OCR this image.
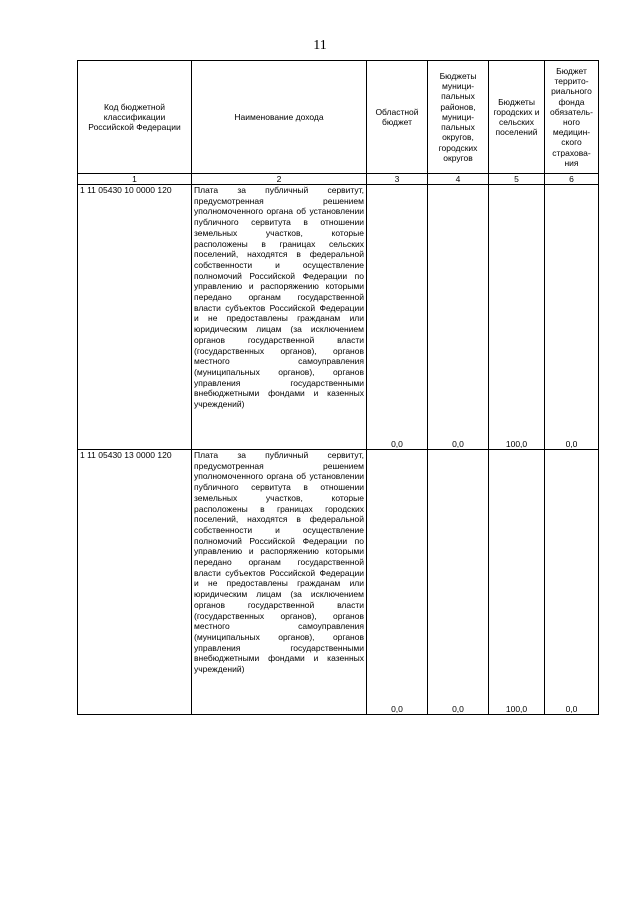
11
Код бюджетной классификации Российской Федерации	Наименование дохода	Областной бюджет	Бюджеты муници-пальных районов, муници-пальных округов, городских округов	Бюджеты городских и сельских поселений	Бюджет террито-риального фонда обязатель-ного медицин-ского страхова-ния
1	2	3	4	5	6
1 11 05430 10 0000 120	Плата за публичный сервитут, предусмотренная решением уполномоченного органа об установлении публичного сервитута в отношении земельных участков, которые расположены в границах сельских поселений, находятся в федеральной собственности и осуществление полномочий Российской Федерации по управлению и распоряжению которыми передано органам государственной власти субъектов Российской Федерации и не предоставлены гражданам или юридическим лицам (за исключением органов государственной власти (государственных органов), органов местного самоуправления (муниципальных органов), органов управления государственными внебюджетными фондами и казенных учреждений)	0,0	0,0	100,0	0,0
1 11 05430 13 0000 120	Плата за публичный сервитут, предусмотренная решением уполномоченного органа об установлении публичного сервитута в отношении земельных участков, которые расположены в границах городских поселений, находятся в федеральной собственности и осуществление полномочий Российской Федерации по управлению и распоряжению которыми передано органам государственной власти субъектов Российской Федерации и не предоставлены гражданам или юридическим лицам (за исключением органов государственной власти (государственных органов), органов местного самоуправления (муниципальных органов), органов управления государственными внебюджетными фондами и казенных учреждений)	0,0	0,0	100,0	0,0
